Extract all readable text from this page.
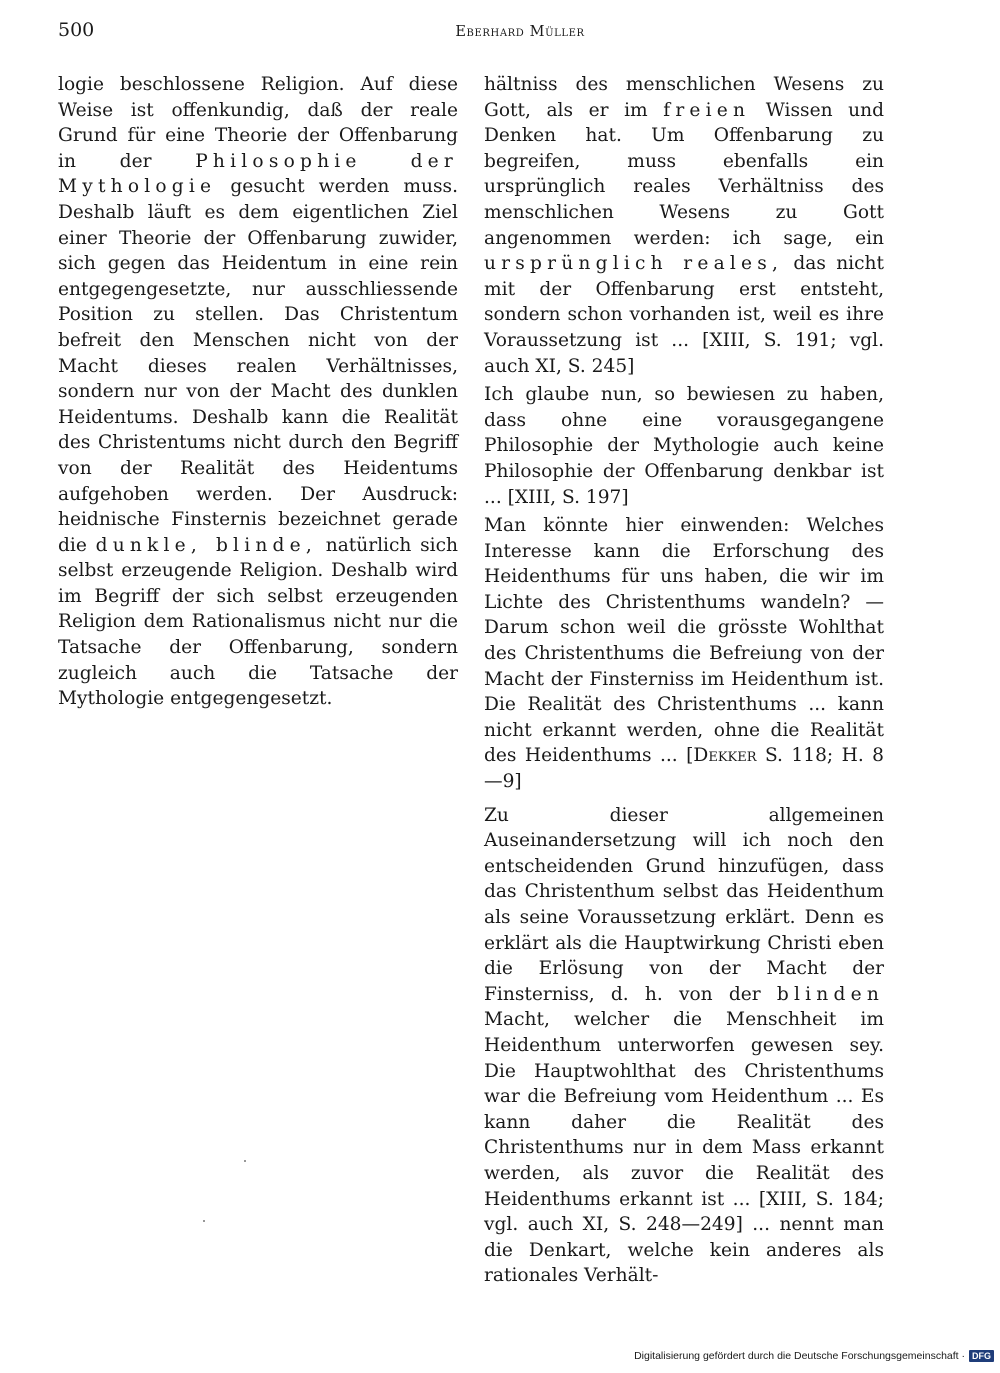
500	Eberhard Müller

logie beschlossene Religion. Auf diese Weise ist offenkundig, daß der reale Grund für eine Theorie der Offenbarung in der Philosophie der Mythologie gesucht werden muss. Deshalb läuft es dem eigentlichen Ziel einer Theorie der Offenbarung zuwider, sich gegen das Heidentum in eine rein entgegengesetzte, nur ausschliessende Position zu stellen. Das Christentum befreit den Menschen nicht von der Macht dieses realen Verhältnisses, sondern nur von der Macht des dunklen Heidentums. Deshalb kann die Realität des Christentums nicht durch den Begriff von der Realität des Heidentums aufgehoben werden. Der Ausdruck: heidnische Finsternis bezeichnet gerade die dunkle, blinde, natürlich sich selbst erzeugende Religion. Deshalb wird im Begriff der sich selbst erzeugenden Religion dem Rationalismus nicht nur die Tatsache der Offenbarung, sondern zugleich auch die Tatsache der Mythologie entgegengesetzt.

hältniss des menschlichen Wesens zu Gott, als er im freien Wissen und Denken hat. Um Offenbarung zu begreifen, muss ebenfalls ein ursprünglich reales Verhältniss des menschlichen Wesens zu Gott angenommen werden: ich sage, ein ursprünglich reales, das nicht mit der Offenbarung erst entsteht, sondern schon vorhanden ist, weil es ihre Voraussetzung ist ... [XIII, S. 191; vgl. auch XI, S. 245]

Ich glaube nun, so bewiesen zu haben, dass ohne eine vorausgegangene Philosophie der Mythologie auch keine Philosophie der Offenbarung denkbar ist ... [XIII, S. 197]

Man könnte hier einwenden: Welches Interesse kann die Erforschung des Heidenthums für uns haben, die wir im Lichte des Christenthums wandeln? — Darum schon weil die grösste Wohlthat des Christenthums die Befreiung von der Macht der Finsterniss im Heidenthum ist. Die Realität des Christenthums ... kann nicht erkannt werden, ohne die Realität des Heidenthums ... [Dekker S. 118; H. 8—9]

Zu dieser allgemeinen Auseinandersetzung will ich noch den entscheidenden Grund hinzufügen, dass das Christenthum selbst das Heidenthum als seine Voraussetzung erklärt. Denn es erklärt als die Hauptwirkung Christi eben die Erlösung von der Macht der Finsterniss, d. h. von der blinden Macht, welcher die Menschheit im Heidenthum unterworfen gewesen sey. Die Hauptwohlthat des Christenthums war die Befreiung vom Heidenthum ... Es kann daher die Realität des Christenthums nur in dem Mass erkannt werden, als zuvor die Realität des Heidenthums erkannt ist ... [XIII, S. 184; vgl. auch XI, S. 248—249] ... nennt man die Denkart, welche kein anderes als rationales Verhält-

Digitalisierung gefördert durch die Deutsche Forschungsgemeinschaft · DFG
